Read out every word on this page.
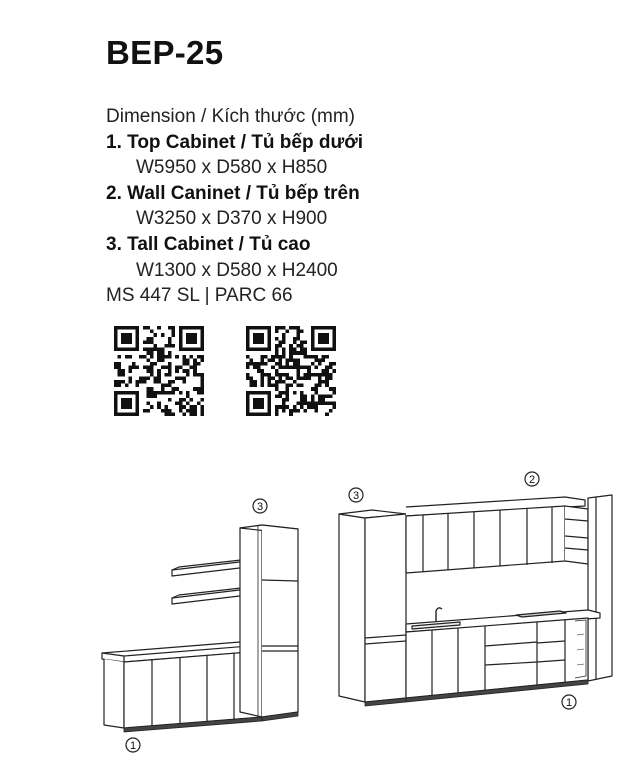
BEP-25
Dimension / Kích thước (mm)
1. Top Cabinet / Tủ bếp dưới
W5950 x D580 x H850
2. Wall Caninet / Tủ bếp trên
W3250 x D370 x H900
3. Tall Cabinet / Tủ cao
W1300 x D580 x H2400
MS 447 SL | PARC 66
3
1
3
2
1
